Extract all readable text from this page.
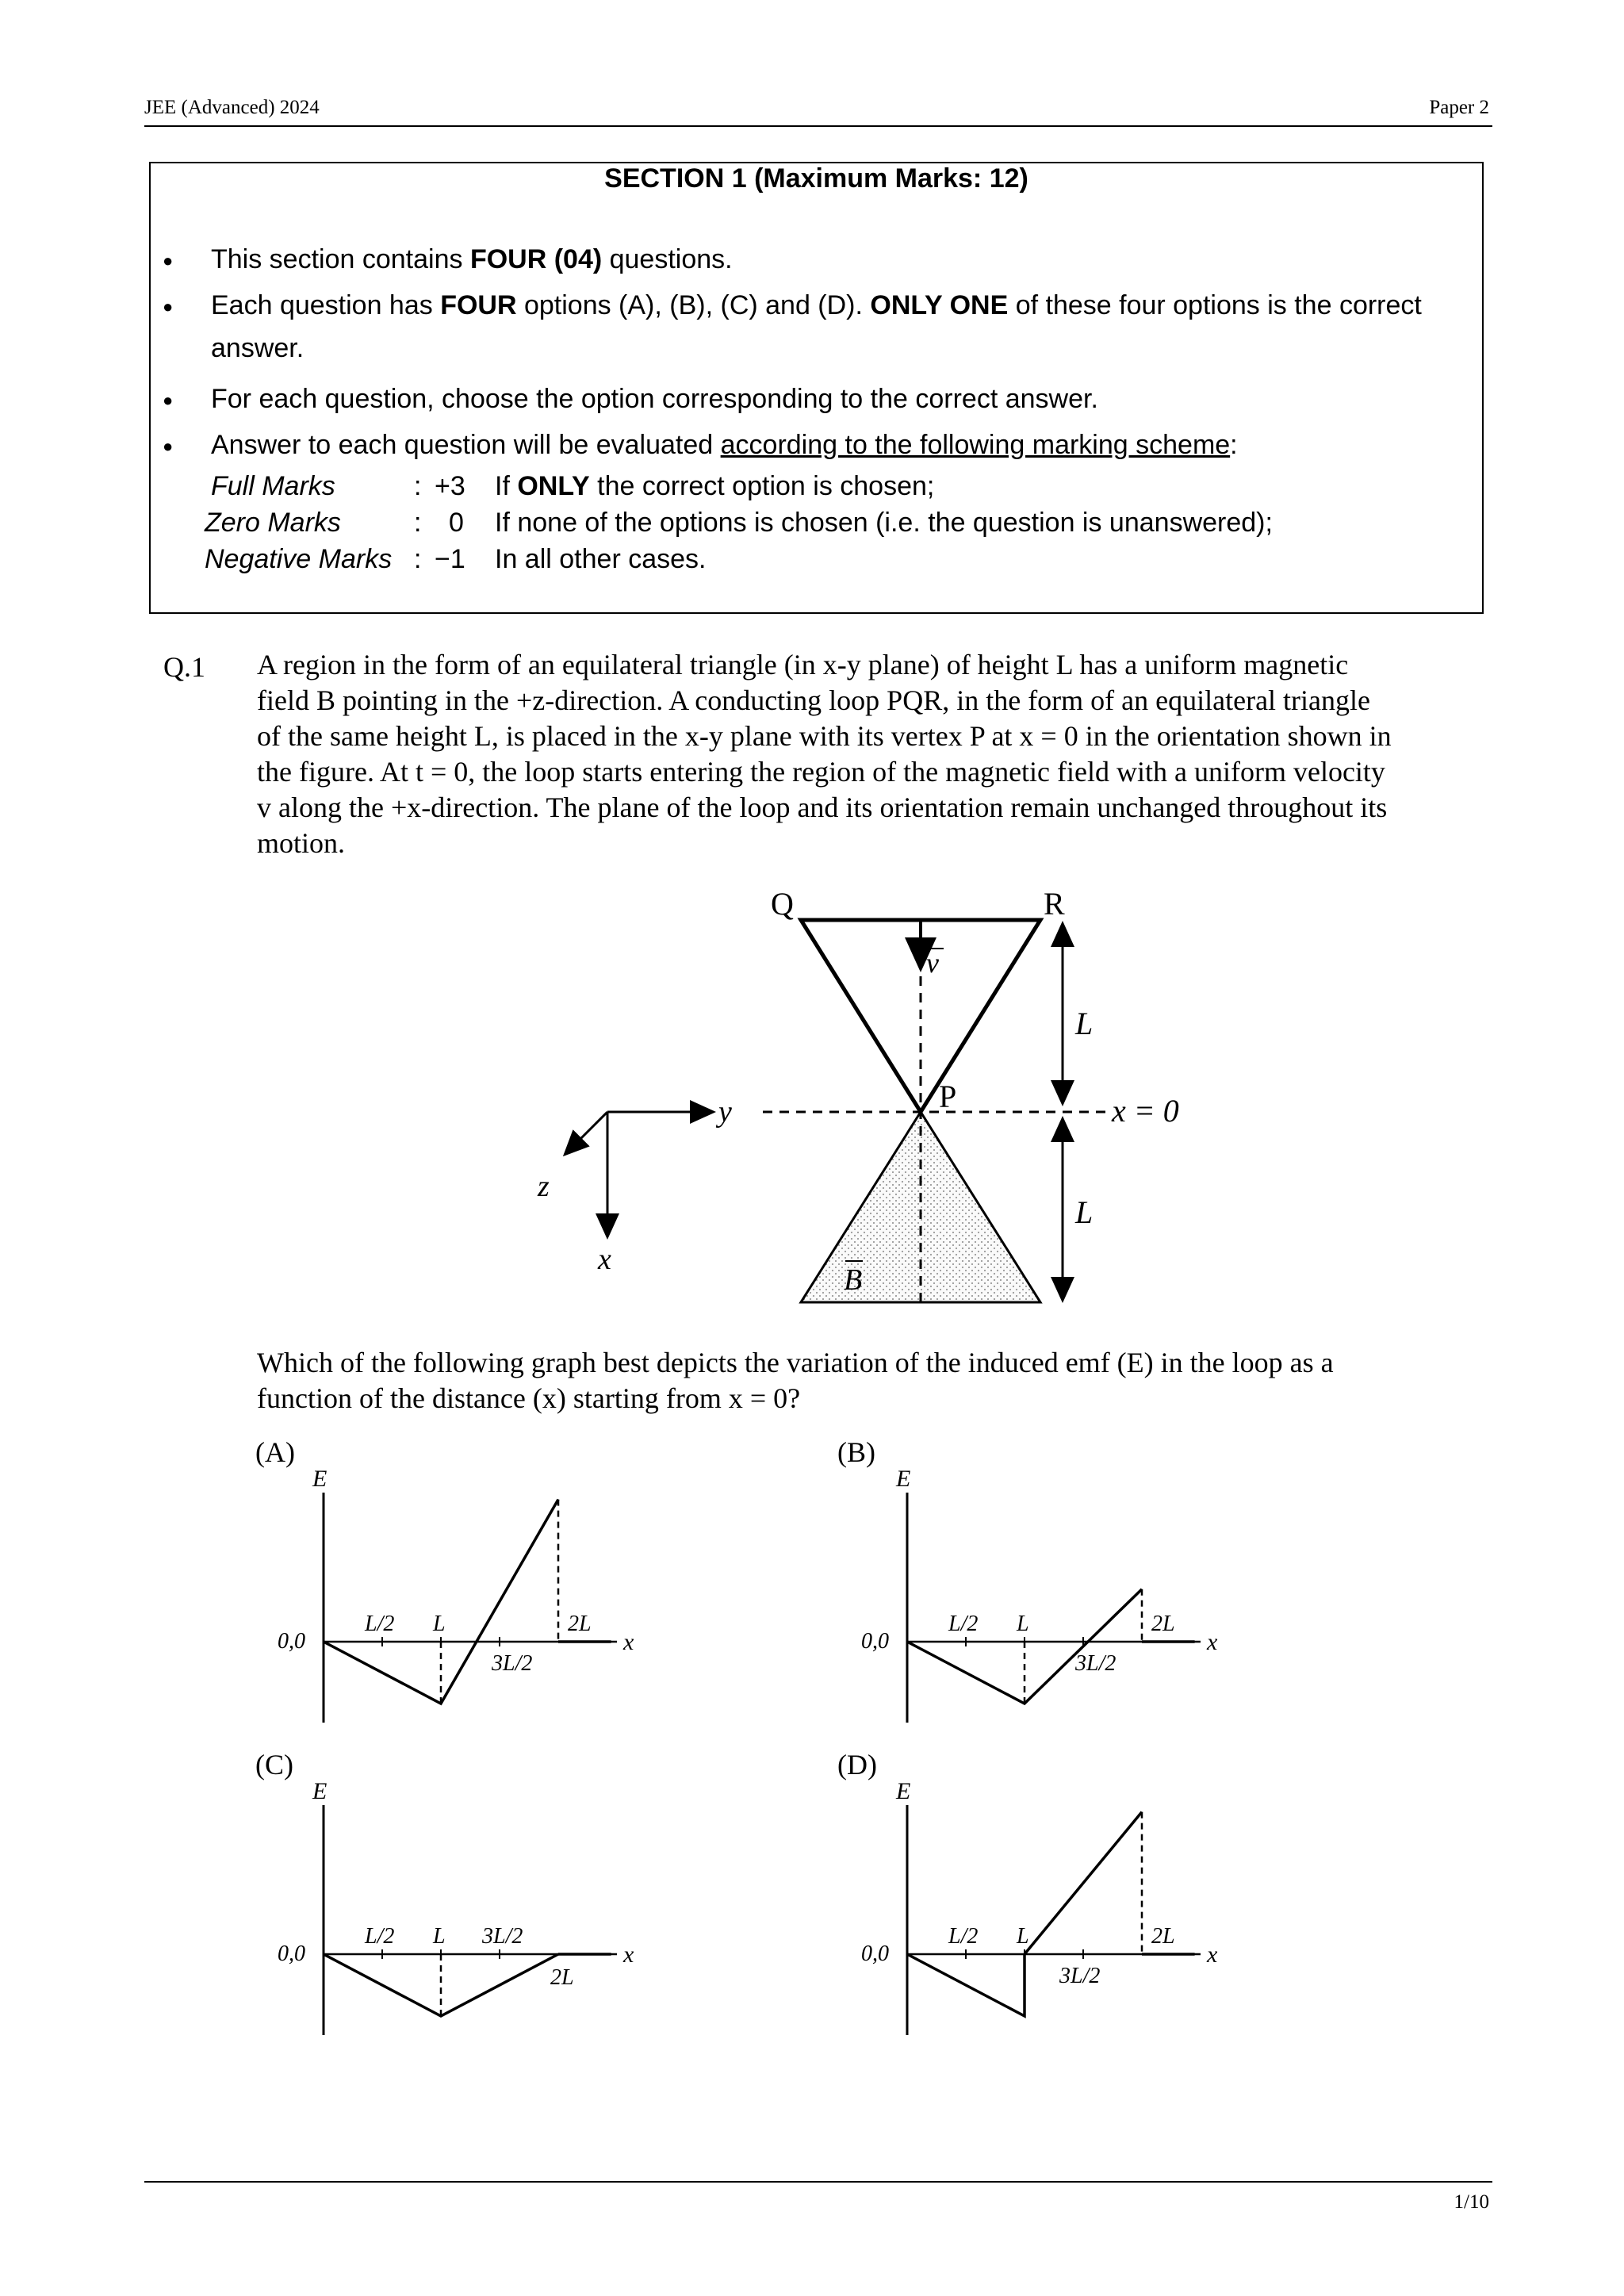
JEE (Advanced) 2024	Paper 2
SECTION 1 (Maximum Marks: 12)
● This section contains FOUR (04) questions.
● Each question has FOUR options (A), (B), (C) and (D). ONLY ONE of these four options is the correct
answer.
● For each question, choose the option corresponding to the correct answer.
● Answer to each question will be evaluated according to the following marking scheme:
Full Marks	: +3 If ONLY the correct option is chosen;
Zero Marks	: 0 If none of the options is chosen (i.e. the question is unanswered);
Negative Marks : −1 In all other cases.
Q.1 A region in the form of an equilateral triangle (in x-y plane) of height L has a uniform magnetic

field B pointing in the +z-direction. A conducting loop PQR, in the form of an equilateral triangle

of the same height L, is placed in the x-y plane with its vertex P at x = 0 in the orientation shown in

the figure. At t = 0, the loop starts entering the region of the magnetic field with a uniform velocity

v along the +x-direction. The plane of the loop and its orientation remain unchanged throughout its

motion.

Q	R
P
v
L
x = 0
L
y
z
x
B
Which of the following graph best depicts the variation of the induced emf (E) in the loop as a
function of the distance (x) starting from x = 0?
(A)	(B)
(C)	(D)
E
x
0,0
L/2 L
3L/2
2L
E
x
0,0
L/2 L
3L/2
2L
E
x
0,0
L/2 L 3L/2
2L
E
x
0,0
L/2 L
3L/2
2L
1/10
